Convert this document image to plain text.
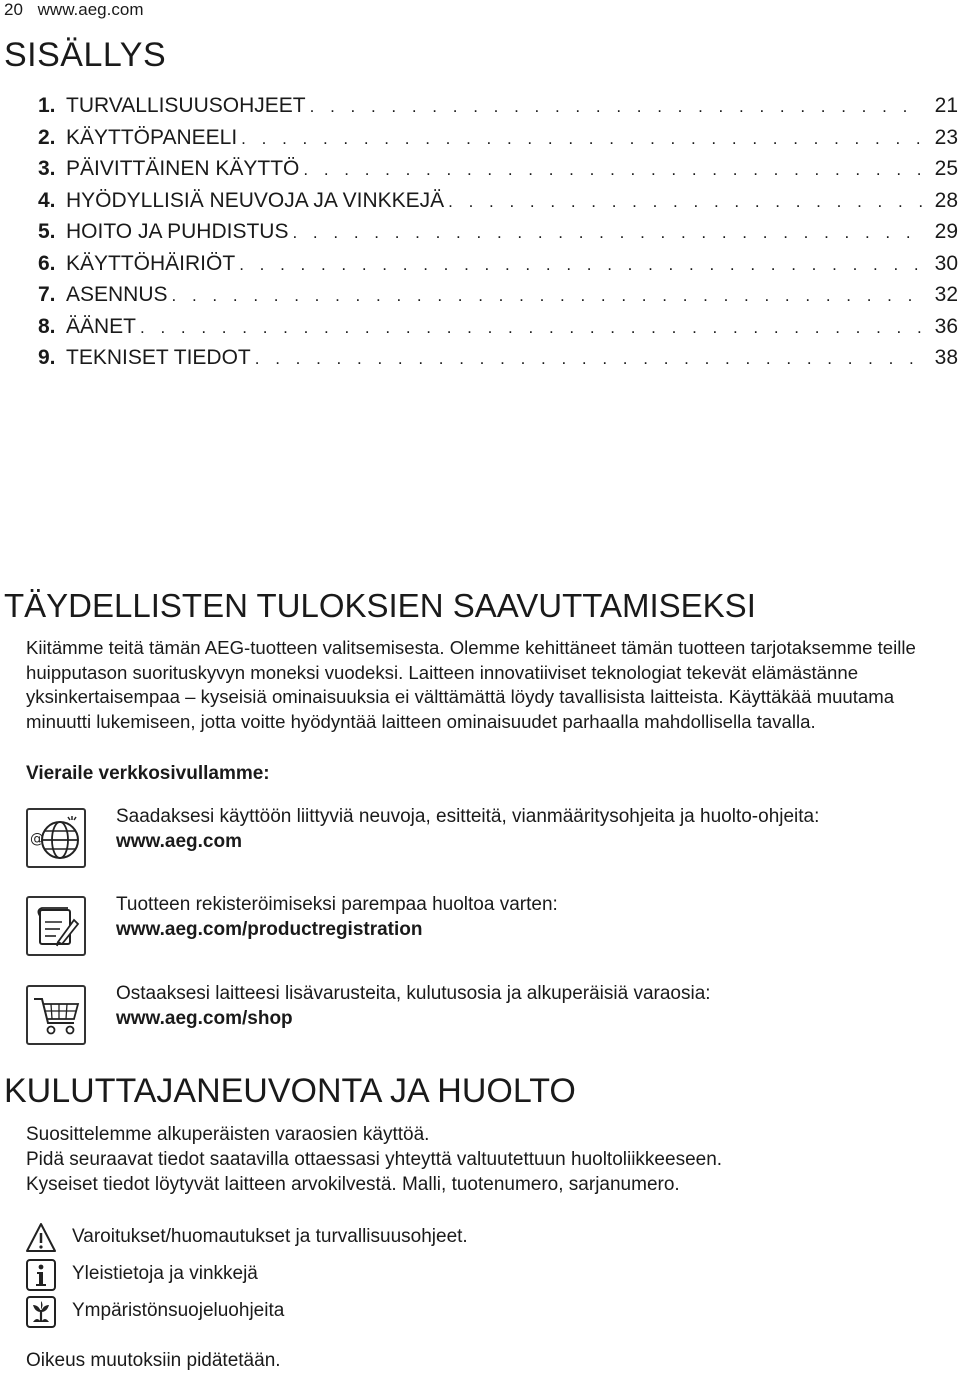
20 www.aeg.com
SISÄLLYS
1. TURVALLISUUSOHJEET . . .	21
2. KÄYTTÖPANEELI . . .	23
3. PÄIVITTÄINEN KÄYTTÖ . . .	25
4. HYÖDYLLISIÄ NEUVOJA JA VINKKEJÄ . . .	28
5. HOITO JA PUHDISTUS . . .	29
6. KÄYTTÖHÄIRIÖT . . .	30
7. ASENNUS . . .	32
8. ÄÄNET . . .	36
9. TEKNISET TIEDOT . . .	38
TÄYDELLISTEN TULOKSIEN SAAVUTTAMISEKSI

Kiitämme teitä tämän AEG-tuotteen valitsemisesta. Olemme kehittäneet tämän tuotteen tarjotaksemme teille huipputason suorituskyvyn moneksi vuodeksi. Laitteen innovatiiviset teknologiat tekevät elämästänne yksinkertaisempaa – kyseisiä ominaisuuksia ei välttämättä löydy tavallisista laitteista. Käyttäkää muutama minuutti lukemiseen, jotta voitte hyödyntää laitteen ominaisuudet parhaalla mahdollisella tavalla.

Vieraile verkkosivullamme:
@
Saadaksesi käyttöön liittyviä neuvoja, esitteitä, vianmääritysohjeita ja huolto-ohjeita:
www.aeg.com
Tuotteen rekisteröimiseksi parempaa huoltoa varten:
www.aeg.com/productregistration
Ostaaksesi laitteesi lisävarusteita, kulutusosia ja alkuperäisiä varaosia:
www.aeg.com/shop
KULUTTAJANEUVONTA JA HUOLTO
Suosittelemme alkuperäisten varaosien käyttöä.
Pidä seuraavat tiedot saatavilla ottaessasi yhteyttä valtuutettuun huoltoliikkeeseen.
Kyseiset tiedot löytyvät laitteen arvokilvestä. Malli, tuotenumero, sarjanumero.
Varoitukset/huomautukset ja turvallisuusohjeet.
Yleistietoja ja vinkkejä
Ympäristönsuojeluohjeita
Oikeus muutoksiin pidätetään.
